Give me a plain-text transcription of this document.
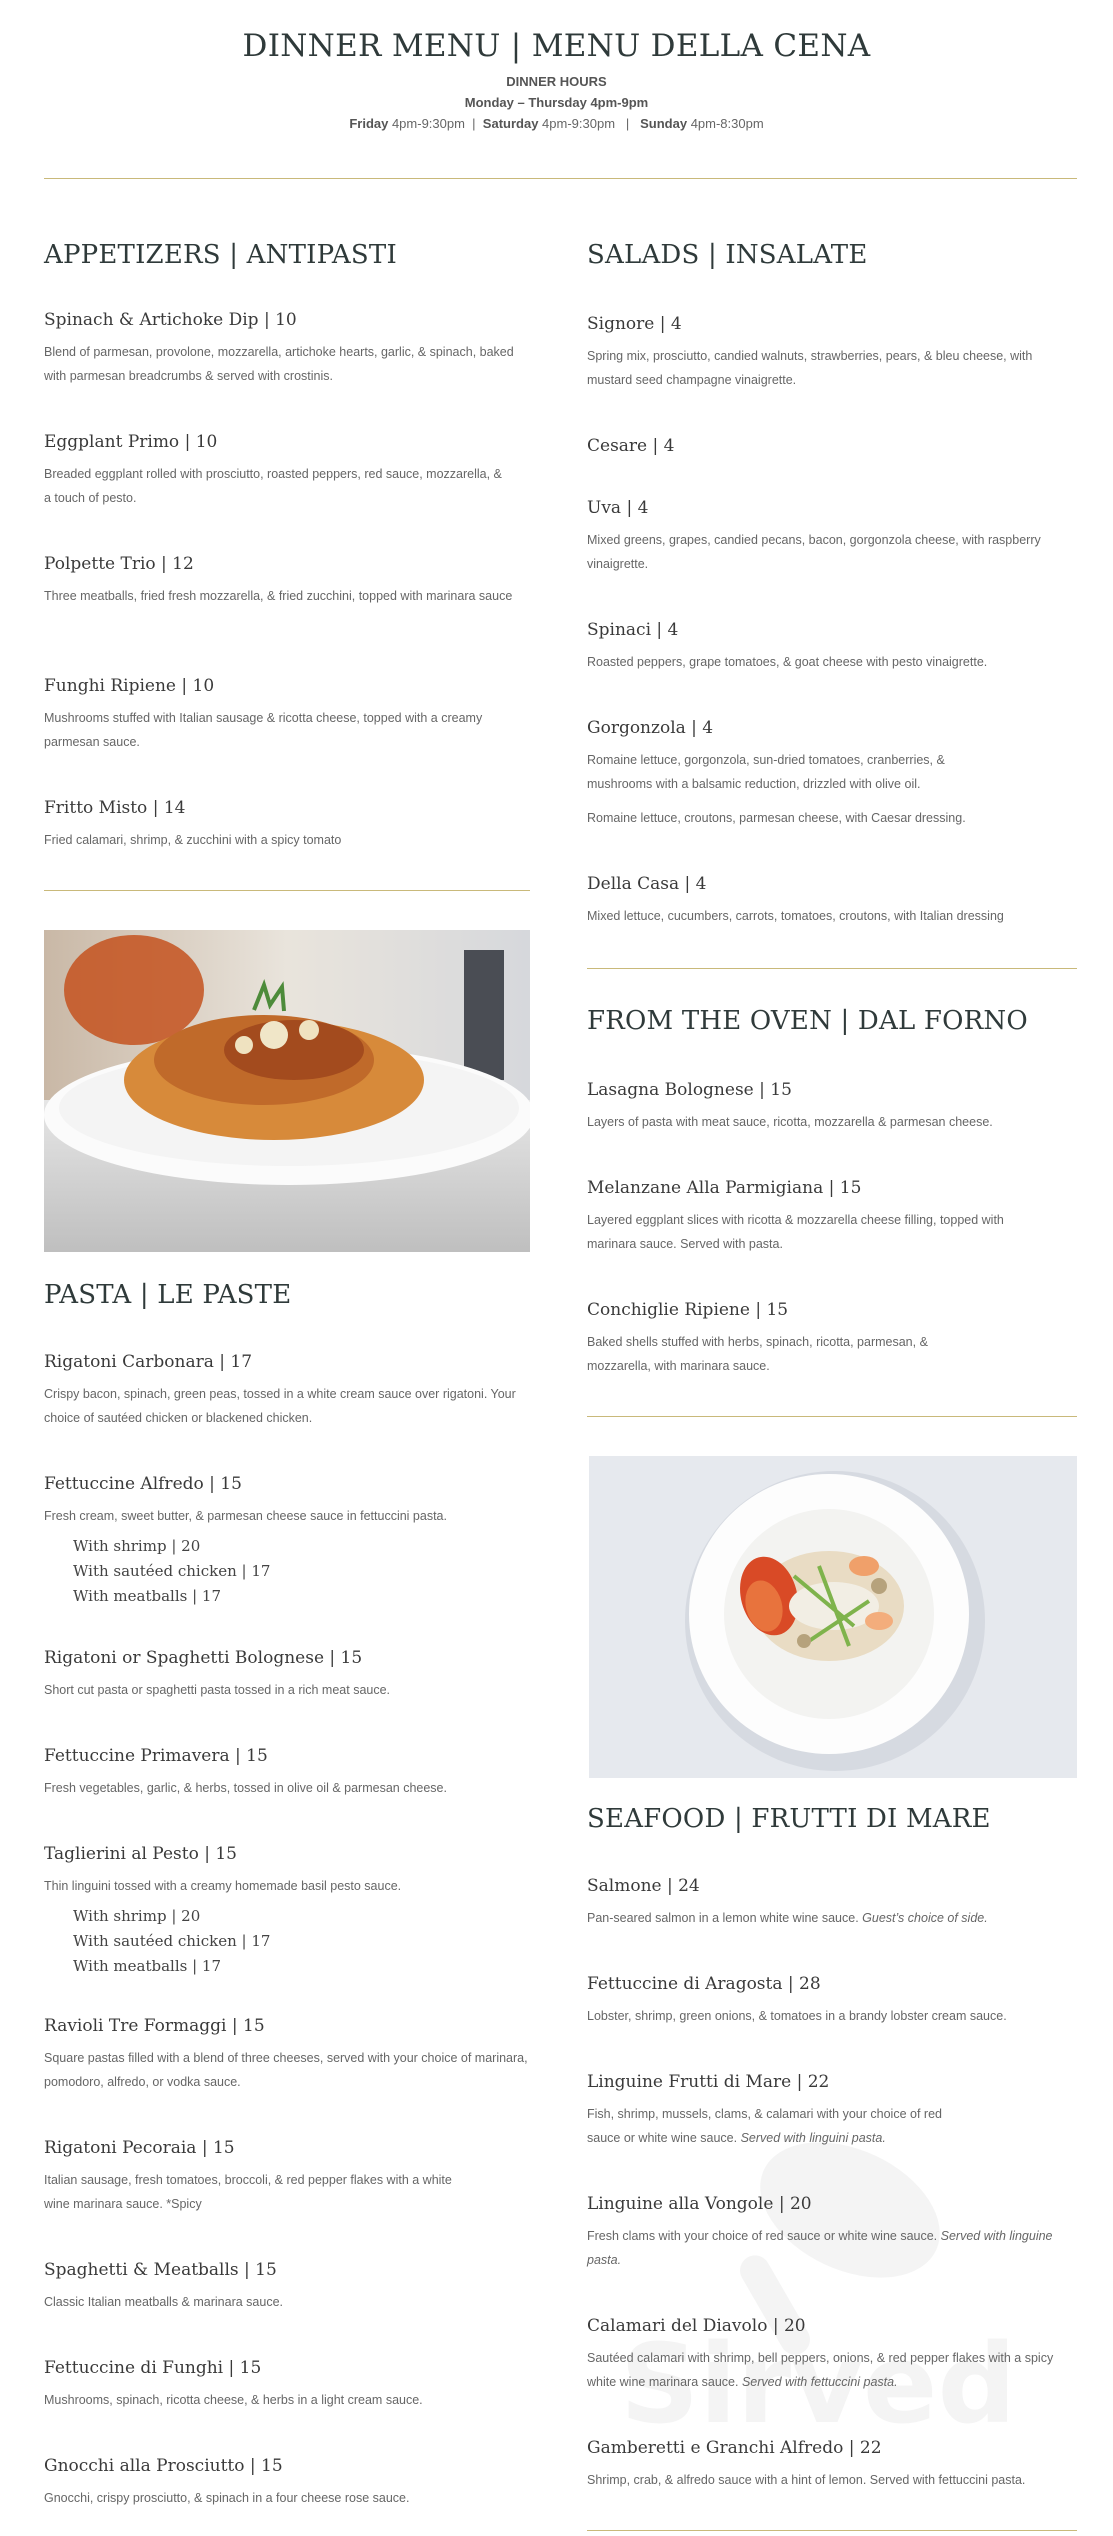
DINNER MENU | MENU DELLA CENA
DINNER HOURS
Monday – Thursday 4pm-9pm
Friday 4pm-9:30pm | Saturday 4pm-9:30pm | Sunday 4pm-8:30pm
APPETIZERS | ANTIPASTI
Spinach & Artichoke Dip | 10
Blend of parmesan, provolone, mozzarella, artichoke hearts, garlic, & spinach, baked with parmesan breadcrumbs & served with crostinis.
Eggplant Primo | 10
Breaded eggplant rolled with prosciutto, roasted peppers, red sauce, mozzarella, & a touch of pesto.
Polpette Trio | 12
Three meatballs, fried fresh mozzarella, & fried zucchini, topped with marinara sauce
Funghi Ripiene | 10
Mushrooms stuffed with Italian sausage & ricotta cheese, topped with a creamy parmesan sauce.
Fritto Misto | 14
Fried calamari, shrimp, & zucchini with a spicy tomato
PASTA | LE PASTE
Rigatoni Carbonara | 17
Crispy bacon, spinach, green peas, tossed in a white cream sauce over rigatoni. Your choice of sautéed chicken or blackened chicken.
Fettuccine Alfredo | 15
Fresh cream, sweet butter, & parmesan cheese sauce in fettuccini pasta.
With shrimp | 20
With sautéed chicken | 17
With meatballs | 17
Rigatoni or Spaghetti Bolognese | 15
Short cut pasta or spaghetti pasta tossed in a rich meat sauce.
Fettuccine Primavera | 15
Fresh vegetables, garlic, & herbs, tossed in olive oil & parmesan cheese.
Taglierini al Pesto | 15
Thin linguini tossed with a creamy homemade basil pesto sauce.
With shrimp | 20
With sautéed chicken | 17
With meatballs | 17
Ravioli Tre Formaggi | 15
Square pastas filled with a blend of three cheeses, served with your choice of marinara, pomodoro, alfredo, or vodka sauce.
Rigatoni Pecoraia | 15
Italian sausage, fresh tomatoes, broccoli, & red pepper flakes with a white wine marinara sauce. *Spicy
Spaghetti & Meatballs | 15
Classic Italian meatballs & marinara sauce.
Fettuccine di Funghi | 15
Mushrooms, spinach, ricotta cheese, & herbs in a light cream sauce.
Gnocchi alla Prosciutto | 15
Gnocchi, crispy prosciutto, & spinach in a four cheese rose sauce.
SALADS | INSALATE
Signore | 4
Spring mix, prosciutto, candied walnuts, strawberries, pears, & bleu cheese, with mustard seed champagne vinaigrette.
Cesare | 4
Uva | 4
Mixed greens, grapes, candied pecans, bacon, gorgonzola cheese, with raspberry vinaigrette.
Spinaci | 4
Roasted peppers, grape tomatoes, & goat cheese with pesto vinaigrette.
Gorgonzola | 4
Romaine lettuce, gorgonzola, sun-dried tomatoes, cranberries, & mushrooms with a balsamic reduction, drizzled with olive oil.
Romaine lettuce, croutons, parmesan cheese, with Caesar dressing.
Della Casa | 4
Mixed lettuce, cucumbers, carrots, tomatoes, croutons, with Italian dressing
FROM THE OVEN | DAL FORNO
Lasagna Bolognese | 15
Layers of pasta with meat sauce, ricotta, mozzarella & parmesan cheese.
Melanzane Alla Parmigiana | 15
Layered eggplant slices with ricotta & mozzarella cheese filling, topped with marinara sauce. Served with pasta.
Conchiglie Ripiene | 15
Baked shells stuffed with herbs, spinach, ricotta, parmesan, & mozzarella, with marinara sauce.
SEAFOOD | FRUTTI DI MARE
Salmone | 24
Pan-seared salmon in a lemon white wine sauce. Guest’s choice of side.
Fettuccine di Aragosta | 28
Lobster, shrimp, green onions, & tomatoes in a brandy lobster cream sauce.
Linguine Frutti di Mare | 22
Fish, shrimp, mussels, clams, & calamari with your choice of red sauce or white wine sauce. Served with linguini pasta.
Linguine alla Vongole | 20
Fresh clams with your choice of red sauce or white wine sauce. Served with linguine pasta.
Calamari del Diavolo | 20
Sautéed calamari with shrimp, bell peppers, onions, & red pepper flakes with a spicy white wine marinara sauce. Served with fettuccini pasta.
Gamberetti e Granchi Alfredo | 22
Shrimp, crab, & alfredo sauce with a hint of lemon. Served with fettuccini pasta.
